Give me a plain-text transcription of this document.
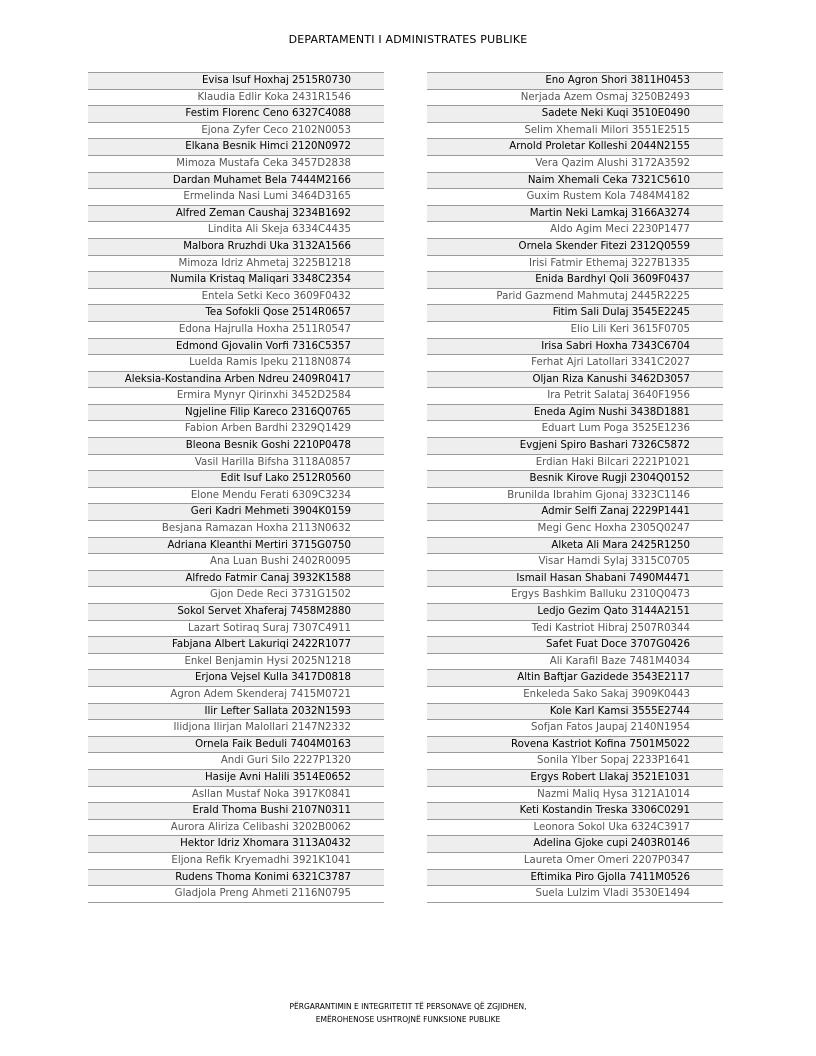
DEPARTAMENTI I ADMINISTRATES PUBLIKE
Evisa Isuf Hoxhaj 2515R0730
Klaudia Edlir Koka 2431R1546
Festim Florenc Ceno 6327C4088
Ejona Zyfer Ceco 2102N0053
Elkana Besnik Himci 2120N0972
Mimoza Mustafa Ceka 3457D2838
Dardan Muhamet Bela 7444M2166
Ermelinda Nasi Lumi 3464D3165
Alfred Zeman Caushaj 3234B1692
Lindita Ali Skeja 6334C4435
Malbora Rruzhdi Uka 3132A1566
Mimoza Idriz Ahmetaj 3225B1218
Numila Kristaq Maliqari 3348C2354
Entela Setki Keco 3609F0432
Tea Sofokli Qose 2514R0657
Edona Hajrulla Hoxha 2511R0547
Edmond Gjovalin Vorfi 7316C5357
Luelda Ramis Ipeku 2118N0874
Aleksia-Kostandina Arben Ndreu 2409R0417
Ermira Mynyr Qirinxhi 3452D2584
Ngjeline Filip Kareco 2316Q0765
Fabion Arben Bardhi 2329Q1429
Bleona Besnik Goshi 2210P0478
Vasil Harilla Bifsha 3118A0857
Edit Isuf Lako 2512R0560
Elone Mendu Ferati 6309C3234
Geri Kadri Mehmeti 3904K0159
Besjana Ramazan Hoxha 2113N0632
Adriana Kleanthi Mertiri 3715G0750
Ana Luan Bushi 2402R0095
Alfredo Fatmir Canaj 3932K1588
Gjon Dede Reci 3731G1502
Sokol Servet Xhaferaj 7458M2880
Lazart Sotiraq Suraj 7307C4911
Fabjana Albert Lakuriqi 2422R1077
Enkel Benjamin Hysi 2025N1218
Erjona Vejsel Kulla 3417D0818
Agron Adem Skenderaj 7415M0721
Ilir Lefter Sallata 2032N1593
Ilidjona Ilirjan Malollari 2147N2332
Ornela Faik Beduli 7404M0163
Andi Guri Silo 2227P1320
Hasije Avni Halili 3514E0652
Asllan Mustaf Noka 3917K0841
Erald Thoma Bushi 2107N0311
Aurora Aliriza Celibashi 3202B0062
Hektor Idriz Xhomara 3113A0432
Eljona Refik Kryemadhi 3921K1041
Rudens Thoma Konimi 6321C3787
Gladjola Preng Ahmeti 2116N0795
Eno Agron Shori 3811H0453
Nerjada Azem Osmaj 3250B2493
Sadete Neki Kuqi 3510E0490
Selim Xhemali Milori 3551E2515
Arnold Proletar Kolleshi 2044N2155
Vera Qazim Alushi 3172A3592
Naim Xhemali Ceka 7321C5610
Guxim Rustem Kola 7484M4182
Martin Neki Lamkaj 3166A3274
Aldo Agim Meci 2230P1477
Ornela Skender Fitezi 2312Q0559
Irisi Fatmir Ethemaj 3227B1335
Enida Bardhyl Qoli 3609F0437
Parid Gazmend Mahmutaj 2445R2225
Fitim Sali Dulaj 3545E2245
Elio Lili Keri 3615F0705
Irisa Sabri Hoxha 7343C6704
Ferhat Ajri Latollari 3341C2027
Oljan Riza Kanushi 3462D3057
Ira Petrit Salataj 3640F1956
Eneda Agim Nushi 3438D1881
Eduart Lum Poga 3525E1236
Evgjeni Spiro Bashari 7326C5872
Erdian Haki Bilcari 2221P1021
Besnik Kirove Rugji 2304Q0152
Brunilda Ibrahim Gjonaj 3323C1146
Admir Selfi Zanaj 2229P1441
Megi Genc Hoxha 2305Q0247
Alketa Ali Mara 2425R1250
Visar Hamdi Sylaj 3315C0705
Ismail Hasan Shabani 7490M4471
Ergys Bashkim Balluku 2310Q0473
Ledjo Gezim Qato 3144A2151
Tedi Kastriot Hibraj 2507R0344
Safet Fuat Doce 3707G0426
Ali Karafil Baze 7481M4034
Altin Baftjar Gazidede 3543E2117
Enkeleda Sako Sakaj 3909K0443
Kole Karl Kamsi 3555E2744
Sofjan Fatos Jaupaj 2140N1954
Rovena Kastriot Kofina 7501M5022
Sonila Ylber Sopaj 2233P1641
Ergys Robert Llakaj 3521E1031
Nazmi Maliq Hysa 3121A1014
Keti Kostandin Treska 3306C0291
Leonora Sokol Uka 6324C3917
Adelina Gjoke cupi 2403R0146
Laureta Omer Omeri 2207P0347
Eftimika Piro Gjolla 7411M0526
Suela Lulzim Vladi 3530E1494
PËRGARANTIMIN E INTEGRITETIT TË PERSONAVE QË ZGJIDHEN,
EMËROHENOSE USHTROJNË FUNKSIONE PUBLIKE
